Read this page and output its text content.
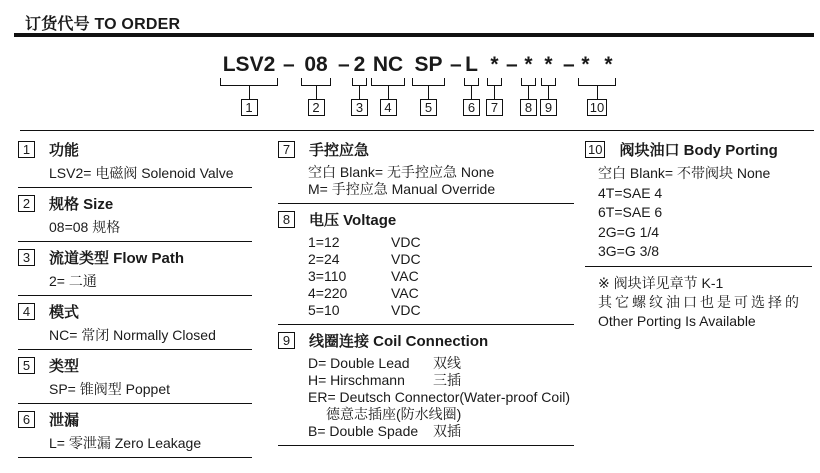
订货代号 TO ORDER
LSV2
1
– 08
2
– 2
3
NC
4
SP
5
– L
6
*
7
– *
8
*
9
– * *
10
1	功能
LSV2= 电磁阀 Solenoid Valve
2	规格 Size
08=08 规格
3	流道类型 Flow Path
2= 二通
4	模式
NC= 常闭 Normally Closed
5	类型
SP= 锥阀型 Poppet
6	泄漏
L= 零泄漏 Zero Leakage
7	手控应急
空白 Blank= 无手控应急 None
M= 手控应急 Manual Override
8	电压 Voltage
1=12	VDC
2=24	VDC
3=110	VAC
4=220	VAC
5=10	VDC
9	线圈连接 Coil Connection
D= Double Lead 双线
H= Hirschmann 三插
ER= Deutsch Connector(Water-proof Coil)
德意志插座(防水线圈)
B= Double Spade 双插
10 阀块油口 Body Porting
空白 Blank= 不带阀块 None
4T=SAE 4
6T=SAE 6
2G=G 1/4
3G=G 3/8
※ 阀块详见章节 K-1
其它螺纹油口也是可选择的
Other Porting Is Available
